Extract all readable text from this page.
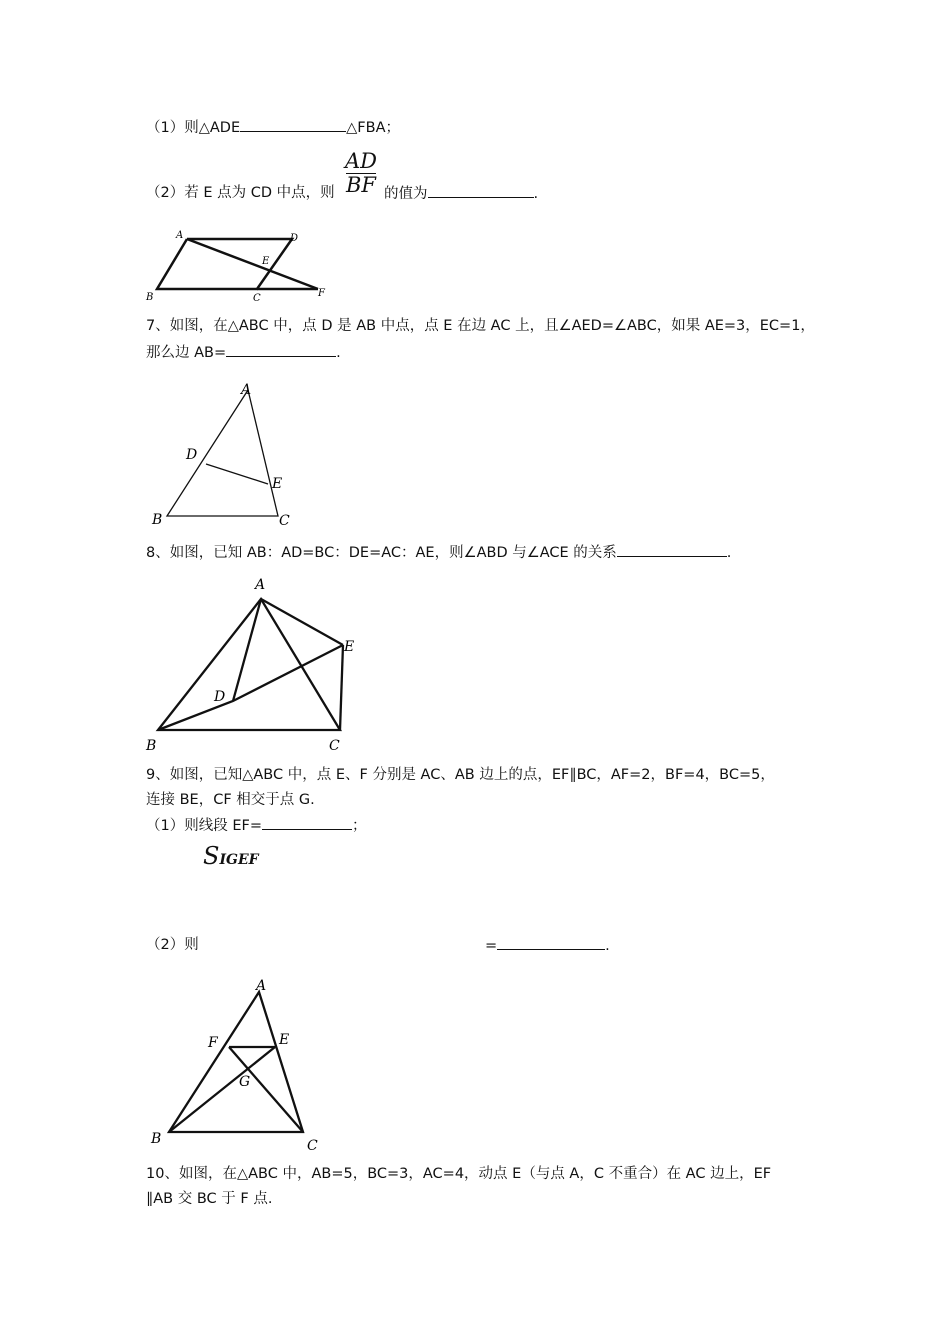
（1）则△ADE	△FBA；
AD
BF
（2）若 E 点为 CD 中点，则	的值为	.
A	D
E
B	C	F
7、如图，在△ABC 中，点 D 是 AB 中点，点 E 在边 AC 上，且∠AED=∠ABC，如果 AE=3，EC=1，
那么边 AB=	.
A
D
E
B	C
8、如图，已知 AB：AD=BC：DE=AC：AE，则∠ABD 与∠ACE 的关系	.
A
E
D
B	C
9、如图，已知△ABC 中，点 E、F 分别是 AC、AB 边上的点，EF∥BC，AF=2，BF=4，BC=5，
连接 BE，CF 相交于点 G.
（1）则线段 EF=	；
SIGEF
（2）则	=	.
A
F	E
G
B	C
10、如图，在△ABC 中，AB=5，BC=3，AC=4，动点 E（与点 A，C 不重合）在 AC 边上，EF
∥AB 交 BC 于 F 点.
